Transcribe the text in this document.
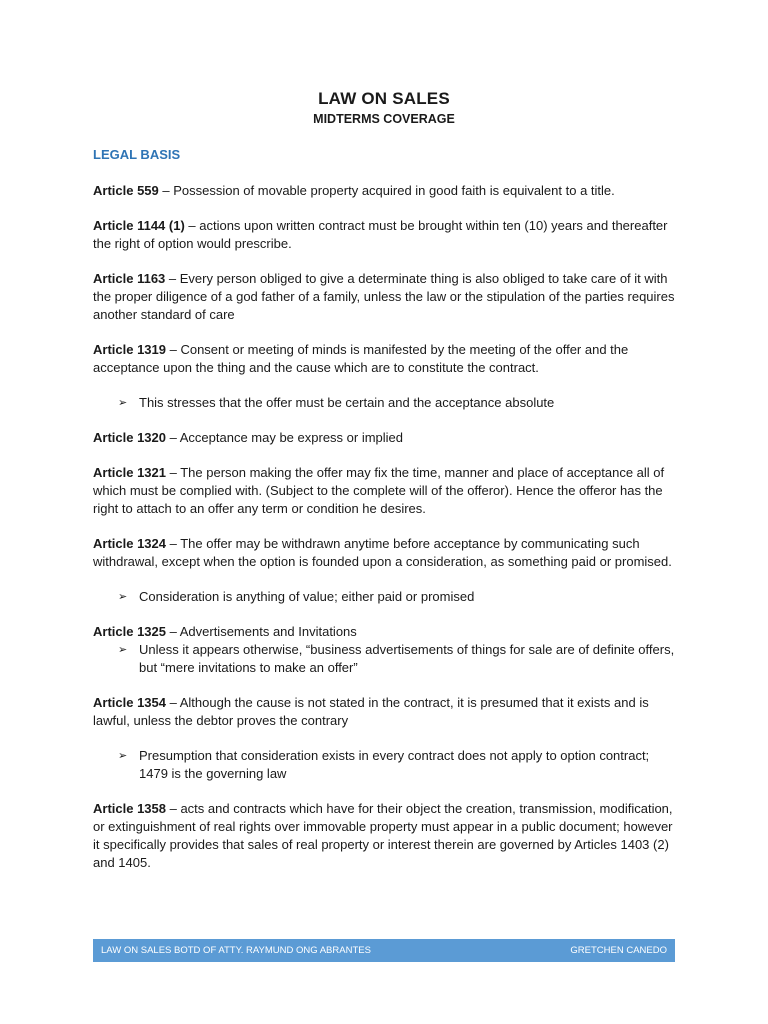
LAW ON SALES
MIDTERMS COVERAGE
LEGAL BASIS

Article 559 – Possession of movable property acquired in good faith is equivalent to a title.

Article 1144 (1) – actions upon written contract must be brought within ten (10) years and thereafter the right of option would prescribe.

Article 1163 – Every person obliged to give a determinate thing is also obliged to take care of it with the proper diligence of a god father of a family, unless the law or the stipulation of the parties requires another standard of care

Article 1319 – Consent or meeting of minds is manifested by the meeting of the offer and the acceptance upon the thing and the cause which are to constitute the contract.

➢ This stresses that the offer must be certain and the acceptance absolute

Article 1320 – Acceptance may be express or implied

Article 1321 – The person making the offer may fix the time, manner and place of acceptance all of which must be complied with. (Subject to the complete will of the offeror). Hence the offeror has the right to attach to an offer any term or condition he desires.

Article 1324 – The offer may be withdrawn anytime before acceptance by communicating such withdrawal, except when the option is founded upon a consideration, as something paid or promised.

➢ Consideration is anything of value; either paid or promised

Article 1325 – Advertisements and Invitations

➢ Unless it appears otherwise, “business advertisements of things for sale are of definite offers, but “mere invitations to make an offer”

Article 1354 – Although the cause is not stated in the contract, it is presumed that it exists and is lawful, unless the debtor proves the contrary

➢ Presumption that consideration exists in every contract does not apply to option contract; 1479 is the governing law

Article 1358 – acts and contracts which have for their object the creation, transmission, modification, or extinguishment of real rights over immovable property must appear in a public document; however it specifically provides that sales of real property or interest therein are governed by Articles 1403 (2) and 1405.

LAW ON SALES BOTD OF ATTY. RAYMUND ONG ABRANTES	GRETCHEN CANEDO
